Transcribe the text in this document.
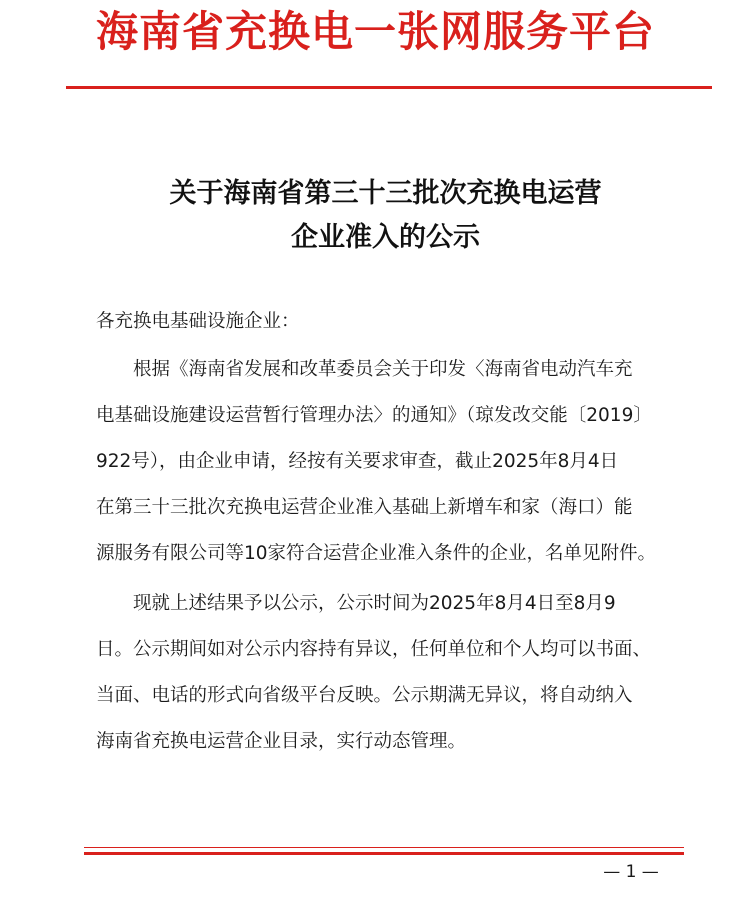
海南省充换电一张网服务平台
关于海南省第三十三批次充换电运营
企业准入的公示
各充换电基础设施企业：
　　根据《海南省发展和改革委员会关于印发〈海南省电动汽车充
电基础设施建设运营暂行管理办法〉的通知》（琼发改交能〔2019〕
922号），由企业申请，经按有关要求审查，截止2025年8月4日
在第三十三批次充换电运营企业准入基础上新增车和家（海口）能
源服务有限公司等10家符合运营企业准入条件的企业，名单见附件。
　　现就上述结果予以公示，公示时间为2025年8月4日至8月9
日。公示期间如对公示内容持有异议，任何单位和个人均可以书面、
当面、电话的形式向省级平台反映。公示期满无异议，将自动纳入
海南省充换电运营企业目录，实行动态管理。
— 1 —
